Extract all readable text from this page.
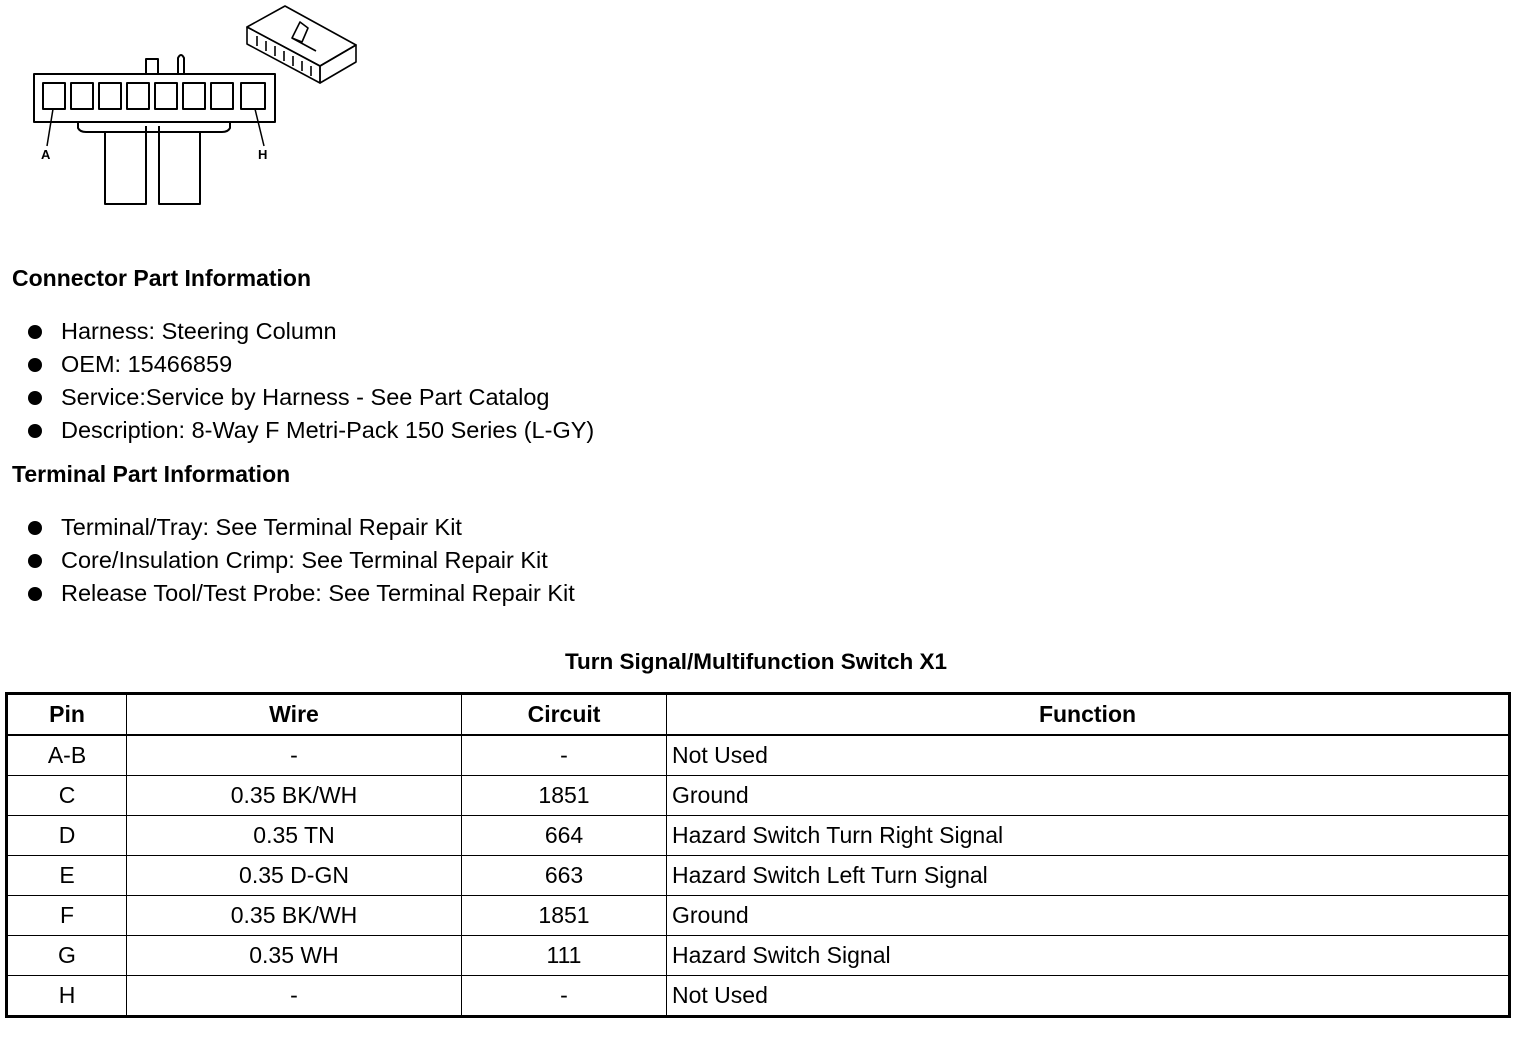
A	H
Connector Part Information
Harness: Steering Column
OEM: 15466859
Service:Service by Harness - See Part Catalog
Description: 8-Way F Metri-Pack 150 Series (L-GY)
Terminal Part Information
Terminal/Tray: See Terminal Repair Kit
Core/Insulation Crimp: See Terminal Repair Kit
Release Tool/Test Probe: See Terminal Repair Kit
Turn Signal/Multifunction Switch X1
Pin	Wire	Circuit	Function
A-B	-	-	Not Used
C	0.35 BK/WH	1851	Ground
D	0.35 TN	664	Hazard Switch Turn Right Signal
E	0.35 D-GN	663	Hazard Switch Left Turn Signal
F	0.35 BK/WH	1851	Ground
G	0.35 WH	111	Hazard Switch Signal
H	-	-	Not Used
